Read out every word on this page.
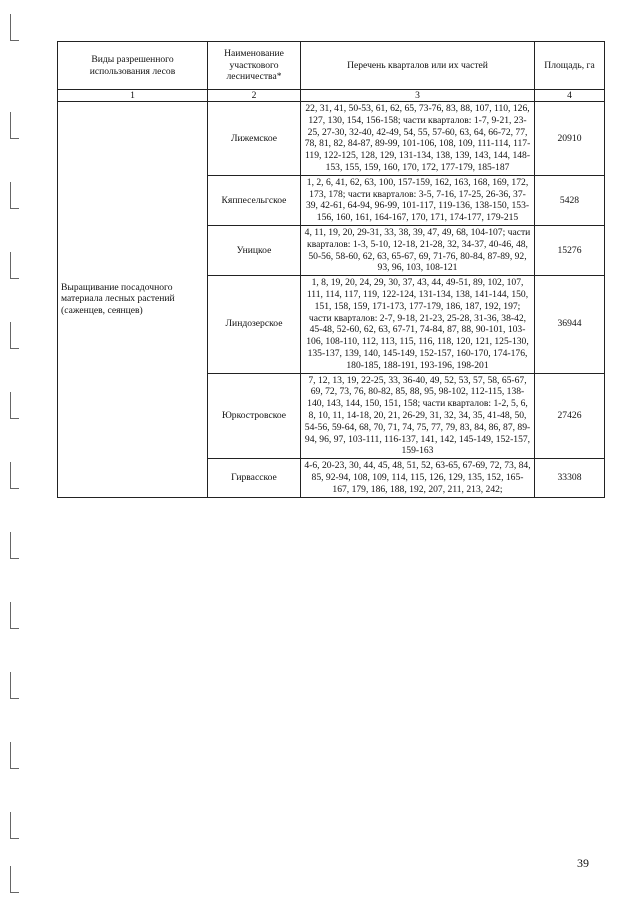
Виды разрешенного использования лесов	Наименование участкового лесничества*	Перечень кварталов или их частей	Площадь, га
1	2	3	4
Выращивание посадочного материала лесных растений (саженцев, сеянцев)	Лижемское	22, 31, 41, 50-53, 61, 62, 65, 73-76, 83, 88, 107, 110, 126, 127, 130, 154, 156-158; части кварталов: 1-7, 9-21, 23-25, 27-30, 32-40, 42-49, 54, 55, 57-60, 63, 64, 66-72, 77, 78, 81, 82, 84-87, 89-99, 101-106, 108, 109, 111-114, 117-119, 122-125, 128, 129, 131-134, 138, 139, 143, 144, 148-153, 155, 159, 160, 170, 172, 177-179, 185-187	20910
	Кяппесельгское	1, 2, 6, 41, 62, 63, 100, 157-159, 162, 163, 168, 169, 172, 173, 178; части кварталов: 3-5, 7-16, 17-25, 26-36, 37-39, 42-61, 64-94, 96-99, 101-117, 119-136, 138-150, 153-156, 160, 161, 164-167, 170, 171, 174-177, 179-215	5428
	Уницкое	4, 11, 19, 20, 29-31, 33, 38, 39, 47, 49, 68, 104-107; части кварталов: 1-3, 5-10, 12-18, 21-28, 32, 34-37, 40-46, 48, 50-56, 58-60, 62, 63, 65-67, 69, 71-76, 80-84, 87-89, 92, 93, 96, 103, 108-121	15276
	Линдозерское	1, 8, 19, 20, 24, 29, 30, 37, 43, 44, 49-51, 89, 102, 107, 111, 114, 117, 119, 122-124, 131-134, 138, 141-144, 150, 151, 158, 159, 171-173, 177-179, 186, 187, 192, 197; части кварталов: 2-7, 9-18, 21-23, 25-28, 31-36, 38-42, 45-48, 52-60, 62, 63, 67-71, 74-84, 87, 88, 90-101, 103-106, 108-110, 112, 113, 115, 116, 118, 120, 121, 125-130, 135-137, 139, 140, 145-149, 152-157, 160-170, 174-176, 180-185, 188-191, 193-196, 198-201	36944
	Юркостровское	7, 12, 13, 19, 22-25, 33, 36-40, 49, 52, 53, 57, 58, 65-67, 69, 72, 73, 76, 80-82, 85, 88, 95, 98-102, 112-115, 138-140, 143, 144, 150, 151, 158; части кварталов: 1-2, 5, 6, 8, 10, 11, 14-18, 20, 21, 26-29, 31, 32, 34, 35, 41-48, 50, 54-56, 59-64, 68, 70, 71, 74, 75, 77, 79, 83, 84, 86, 87, 89-94, 96, 97, 103-111, 116-137, 141, 142, 145-149, 152-157, 159-163	27426
	Гирвасское	4-6, 20-23, 30, 44, 45, 48, 51, 52, 63-65, 67-69, 72, 73, 84, 85, 92-94, 108, 109, 114, 115, 126, 129, 135, 152, 165-167, 179, 186, 188, 192, 207, 211, 213, 242;	33308
39
